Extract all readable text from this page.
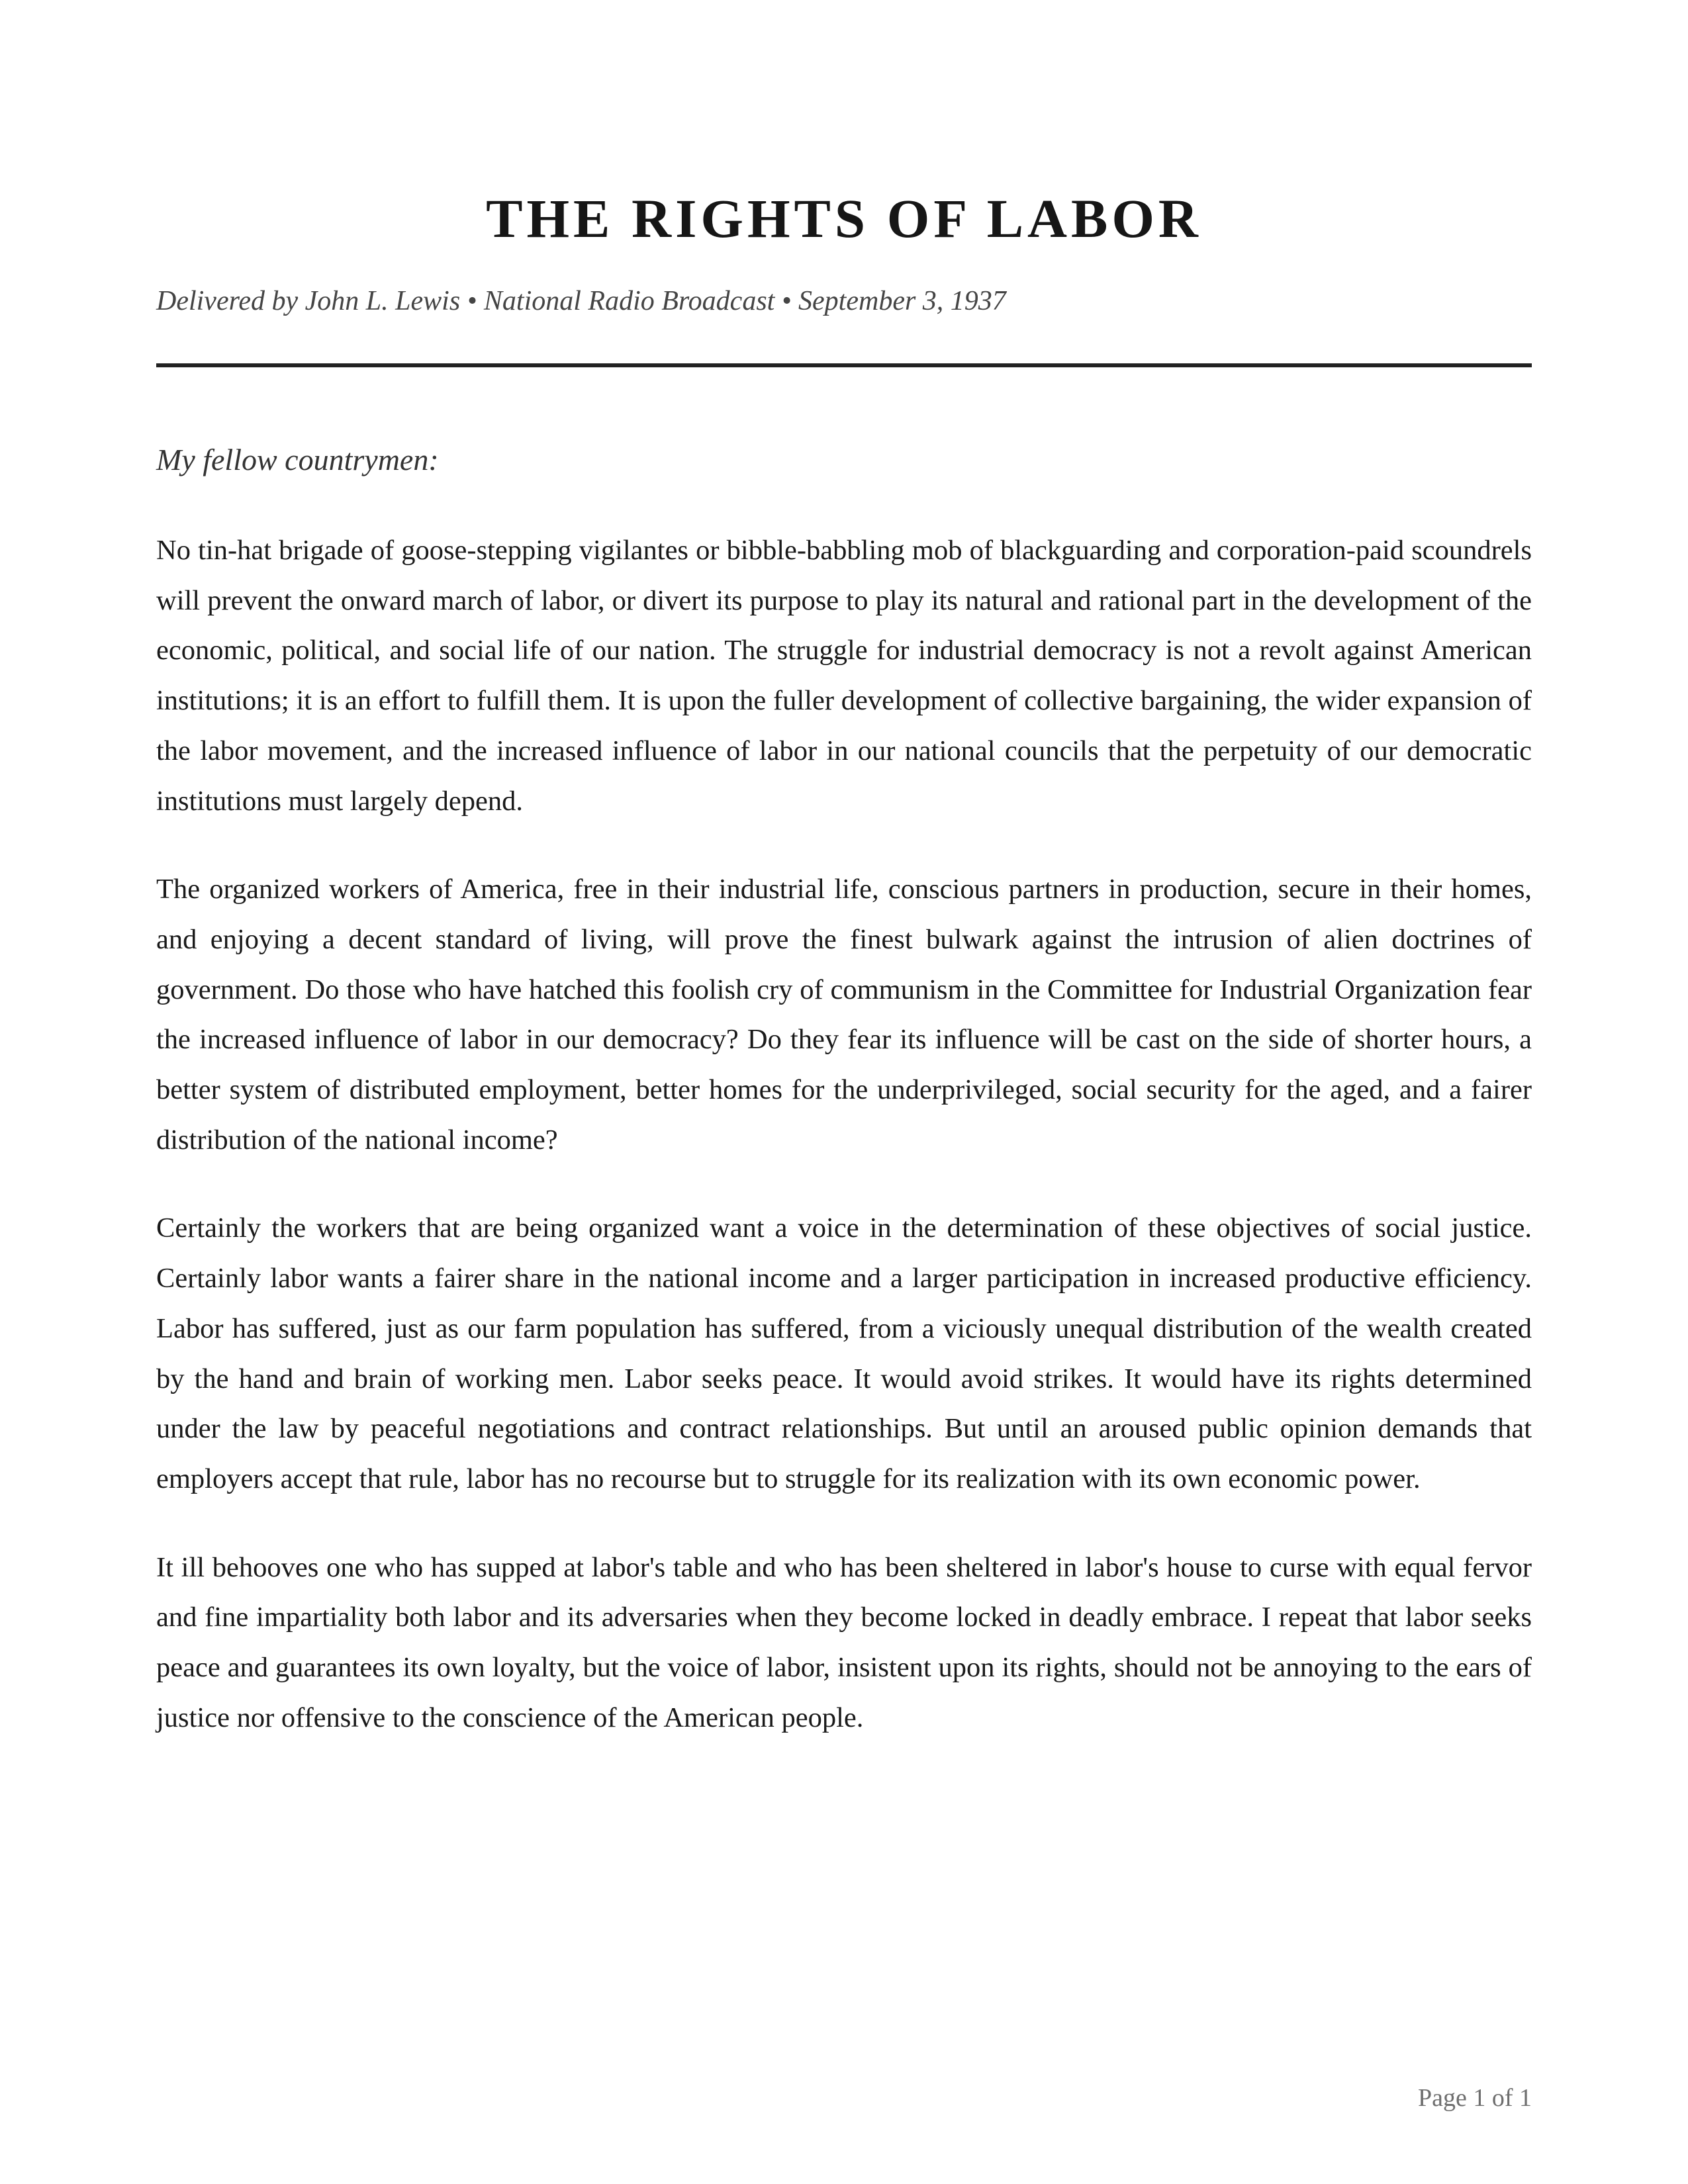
THE RIGHTS OF LABOR

Delivered by John L. Lewis • National Radio Broadcast • September 3, 1937

My fellow countrymen:

No tin-hat brigade of goose-stepping vigilantes or bibble-babbling mob of blackguarding and corporation-paid scoundrels will prevent the onward march of labor, or divert its purpose to play its natural and rational part in the development of the economic, political, and social life of our nation. The struggle for industrial democracy is not a revolt against American institutions; it is an effort to fulfill them. It is upon the fuller development of collective bargaining, the wider expansion of the labor movement, and the increased influence of labor in our national councils that the perpetuity of our democratic institutions must largely depend.

The organized workers of America, free in their industrial life, conscious partners in production, secure in their homes, and enjoying a decent standard of living, will prove the finest bulwark against the intrusion of alien doctrines of government. Do those who have hatched this foolish cry of communism in the Committee for Industrial Organization fear the increased influence of labor in our democracy? Do they fear its influence will be cast on the side of shorter hours, a better system of distributed employment, better homes for the underprivileged, social security for the aged, and a fairer distribution of the national income?

Certainly the workers that are being organized want a voice in the determination of these objectives of social justice. Certainly labor wants a fairer share in the national income and a larger participation in increased productive efficiency. Labor has suffered, just as our farm population has suffered, from a viciously unequal distribution of the wealth created by the hand and brain of working men. Labor seeks peace. It would avoid strikes. It would have its rights determined under the law by peaceful negotiations and contract relationships. But until an aroused public opinion demands that employers accept that rule, labor has no recourse but to struggle for its realization with its own economic power.

It ill behooves one who has supped at labor's table and who has been sheltered in labor's house to curse with equal fervor and fine impartiality both labor and its adversaries when they become locked in deadly embrace. I repeat that labor seeks peace and guarantees its own loyalty, but the voice of labor, insistent upon its rights, should not be annoying to the ears of justice nor offensive to the conscience of the American people.

Page 1 of 1
